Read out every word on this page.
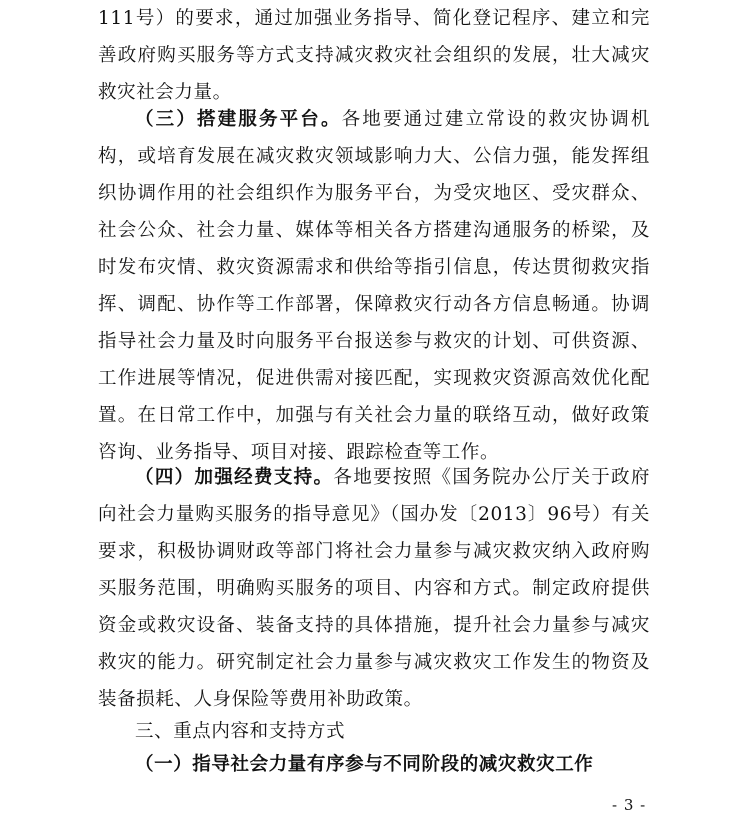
111号）的要求，通过加强业务指导、简化登记程序、建立和完善政府购买服务等方式支持减灾救灾社会组织的发展，壮大减灾救灾社会力量。

（三）搭建服务平台。各地要通过建立常设的救灾协调机构，或培育发展在减灾救灾领域影响力大、公信力强，能发挥组织协调作用的社会组织作为服务平台，为受灾地区、受灾群众、社会公众、社会力量、媒体等相关各方搭建沟通服务的桥梁，及时发布灾情、救灾资源需求和供给等指引信息，传达贯彻救灾指挥、调配、协作等工作部署，保障救灾行动各方信息畅通。协调指导社会力量及时向服务平台报送参与救灾的计划、可供资源、工作进展等情况，促进供需对接匹配，实现救灾资源高效优化配置。在日常工作中，加强与有关社会力量的联络互动，做好政策咨询、业务指导、项目对接、跟踪检查等工作。

（四）加强经费支持。各地要按照《国务院办公厅关于政府向社会力量购买服务的指导意见》（国办发〔2013〕96号）有关要求，积极协调财政等部门将社会力量参与减灾救灾纳入政府购买服务范围，明确购买服务的项目、内容和方式。制定政府提供资金或救灾设备、装备支持的具体措施，提升社会力量参与减灾救灾的能力。研究制定社会力量参与减灾救灾工作发生的物资及装备损耗、人身保险等费用补助政策。

三、重点内容和支持方式

（一）指导社会力量有序参与不同阶段的减灾救灾工作

- 3 -
